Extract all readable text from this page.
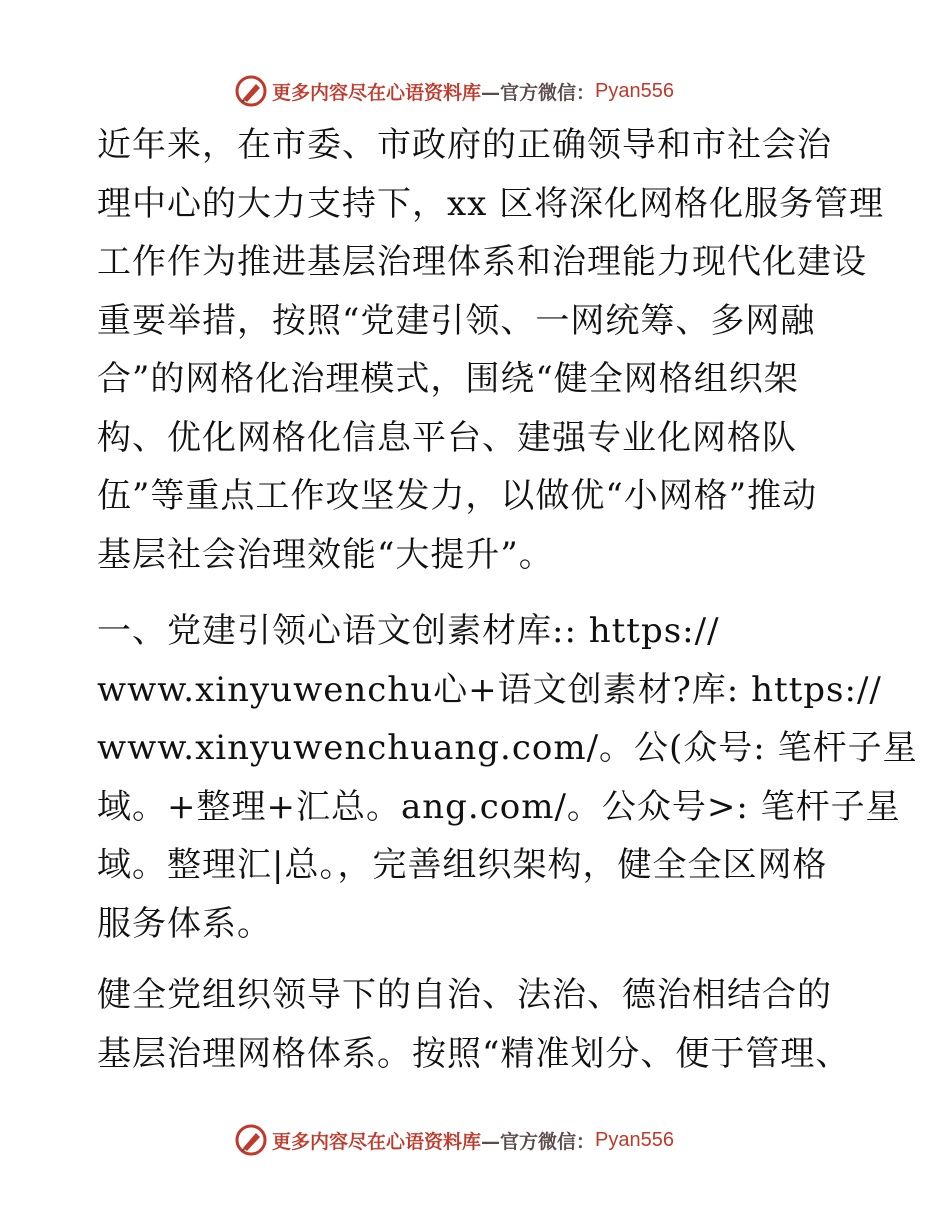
更多内容尽在心语资料库 —官方微信： Pyan556
近年来，在市委、市政府的正确领导和市社会治
理中心的大力支持下，xx 区将深化网格化服务管理
工作作为推进基层治理体系和治理能力现代化建设
重要举措，按照“党建引领、一网统筹、多网融
合”的网格化治理模式，围绕“健全网格组织架
构、优化网格化信息平台、建强专业化网格队
伍”等重点工作攻坚发力，以做优“小网格”推动
基层社会治理效能“大提升”。
一、党建引领心语文创素材库:: https://
www.xinyuwenchu心+语文创素材?库: https://
www.xinyuwenchuang.com/。公(众号: 笔杆子星
域。+整理+汇总。ang.com/。公众号>: 笔杆子星
域。整理汇|总。，完善组织架构，健全全区网格
服务体系。
健全党组织领导下的自治、法治、德治相结合的
基层治理网格体系。按照“精准划分、便于管理、
更多内容尽在心语资料库 —官方微信： Pyan556
